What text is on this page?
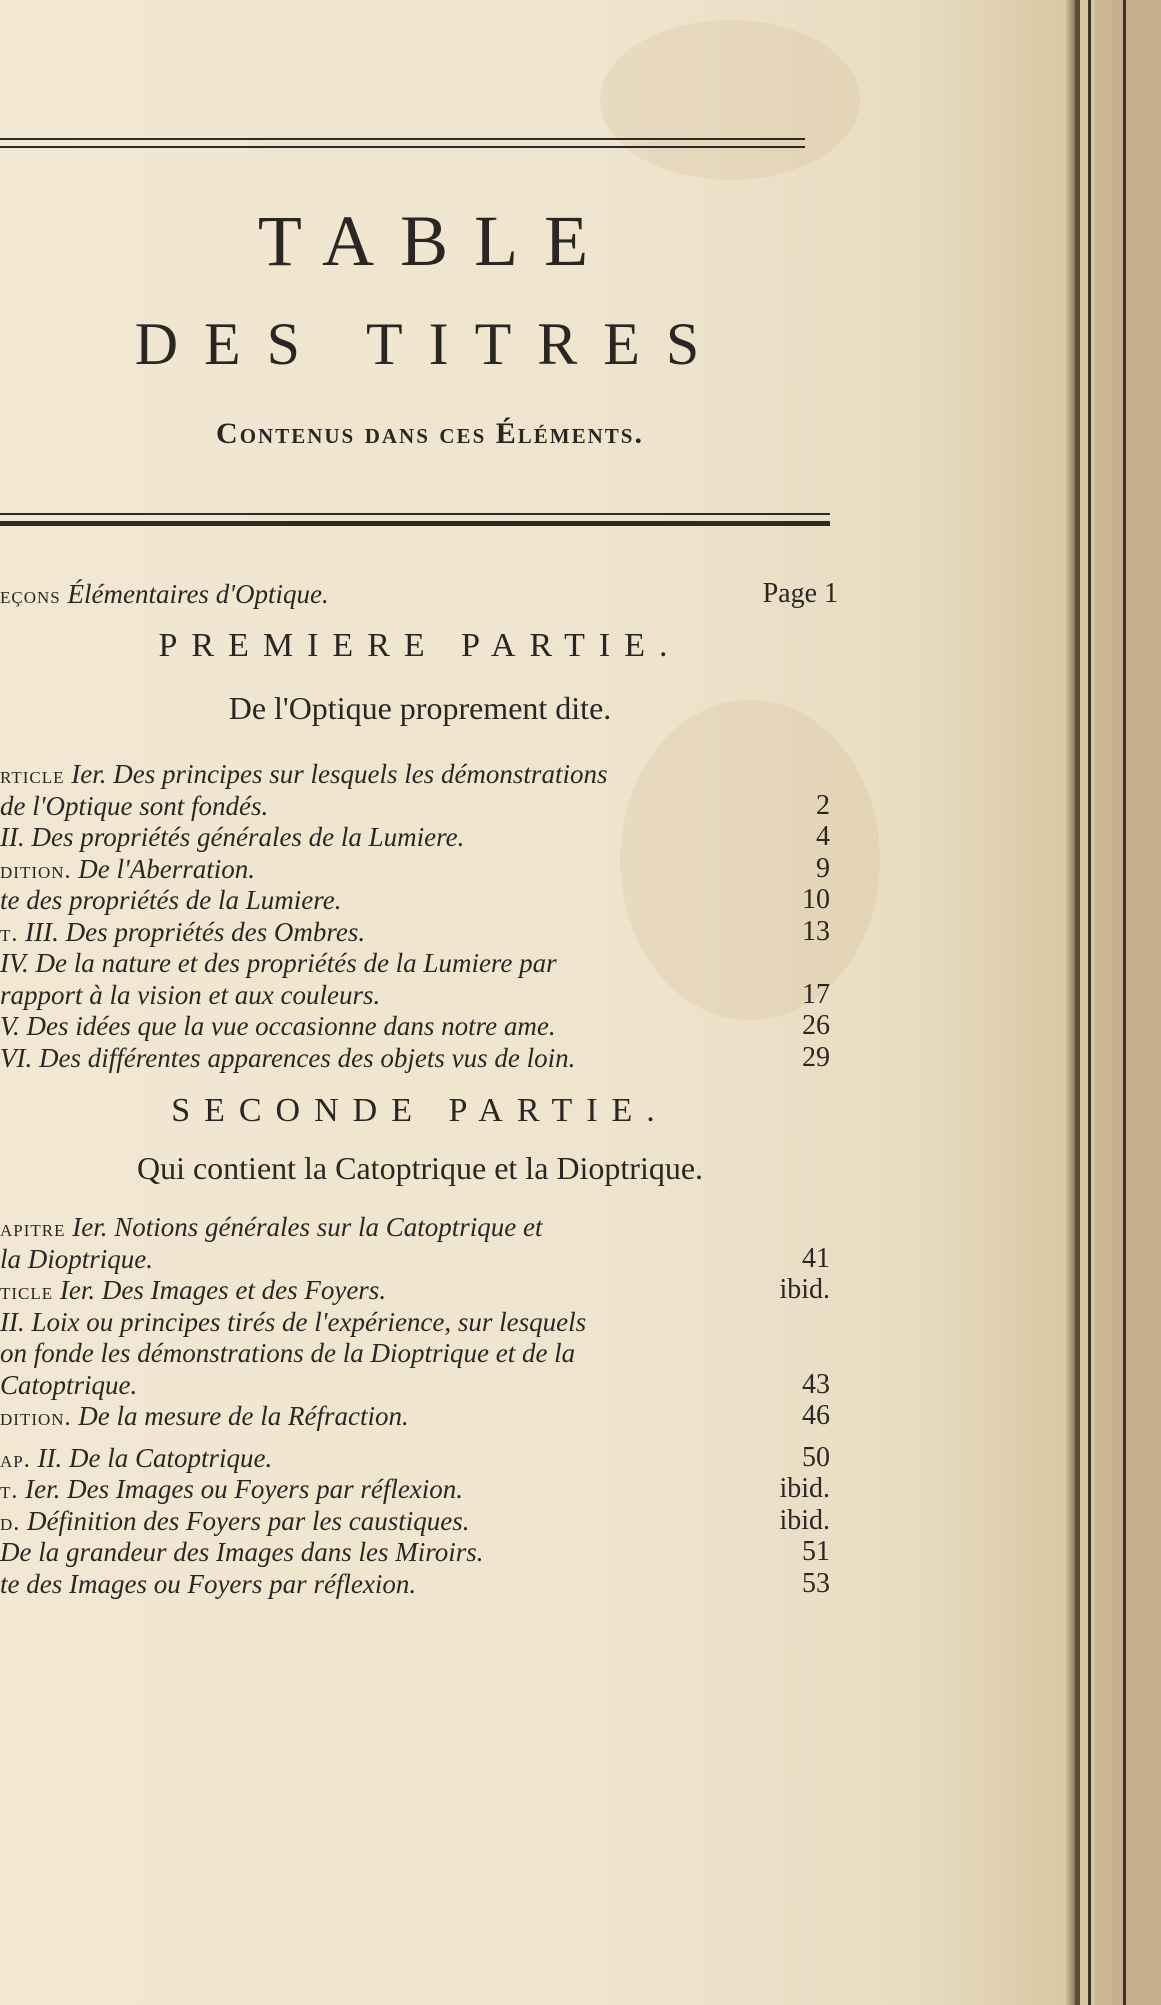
TABLE
DES TITRES
Contenus dans ces Éléments.
eçons Élémentaires d'Optique.	Page 1
PREMIERE PARTIE.
De l'Optique proprement dite.
rticle Ier. Des principes sur lesquels les démonstrations
de l'Optique sont fondés.	2
II. Des propriétés générales de la Lumiere.	4
dition. De l'Aberration.	9
te des propriétés de la Lumiere.	10
t. III. Des propriétés des Ombres.	13
IV. De la nature et des propriétés de la Lumiere par
rapport à la vision et aux couleurs.	17
V. Des idées que la vue occasionne dans notre ame.	26
VI. Des différentes apparences des objets vus de loin.	29
SECONDE PARTIE.
Qui contient la Catoptrique et la Dioptrique.
apitre Ier. Notions générales sur la Catoptrique et
la Dioptrique.	41
ticle Ier. Des Images et des Foyers.	ibid.
II. Loix ou principes tirés de l'expérience, sur lesquels
on fonde les démonstrations de la Dioptrique et de la
Catoptrique.	43
dition. De la mesure de la Réfraction.	46
ap. II. De la Catoptrique.	50
t. Ier. Des Images ou Foyers par réflexion.	ibid.
d. Définition des Foyers par les caustiques.	ibid.
De la grandeur des Images dans les Miroirs.	51
te des Images ou Foyers par réflexion.	53
